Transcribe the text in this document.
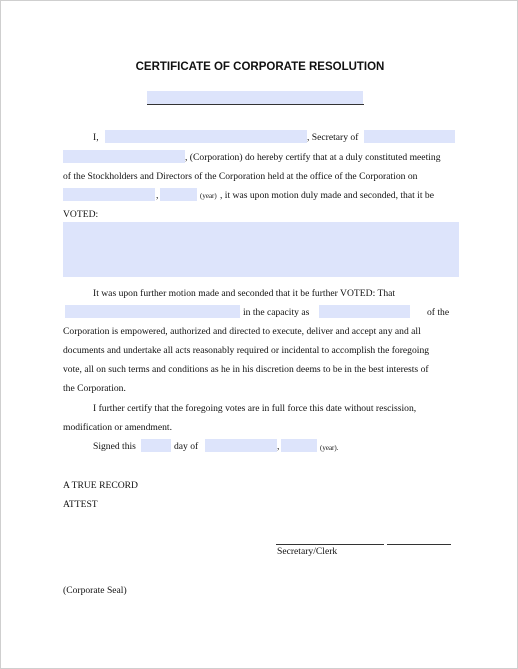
CERTIFICATE OF CORPORATE RESOLUTION
I,	, Secretary of
, (Corporation) do hereby certify that at a duly constituted meeting
of the Stockholders and Directors of the Corporation held at the office of the Corporation on
,	(year) , it was upon motion duly made and seconded, that it be
VOTED:
It was upon further motion made and seconded that it be further VOTED: That
in the capacity as	of the
Corporation is empowered, authorized and directed to execute, deliver and accept any and all
documents and undertake all acts reasonably required or incidental to accomplish the foregoing
vote, all on such terms and conditions as he in his discretion deems to be in the best interests of
the Corporation.
I further certify that the foregoing votes are in full force this date without rescission,
modification or amendment.
Signed this	day of	,	(year).
A TRUE RECORD
ATTEST
Secretary/Clerk
(Corporate Seal)
